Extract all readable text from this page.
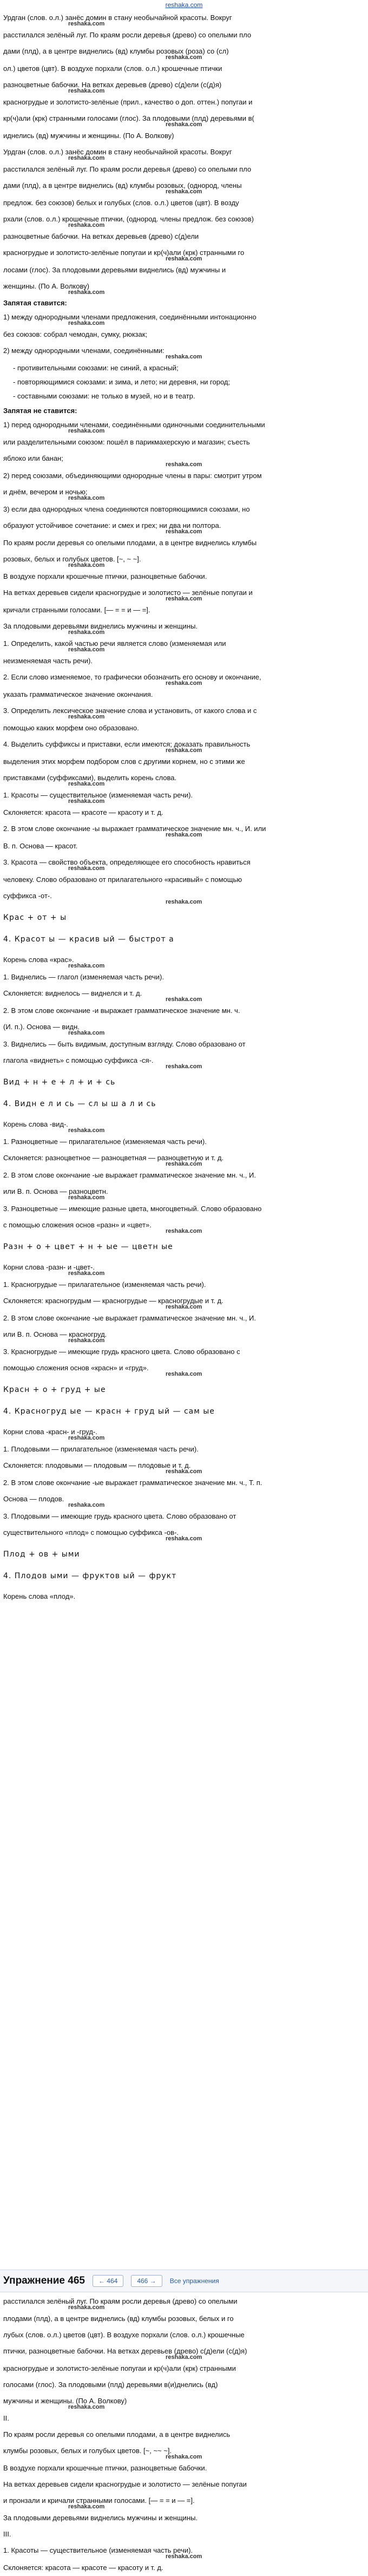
reshaka.com

Урдган (слов. о.л.) занёс домин в стану необычайной красоты. Вокруг

reshaka.com

расстилался зелёный луг. По краям росли деревья (древо) со опелыми пло

дами (плд), а в центре виднелись (вд) клумбы розовых (роза) со (сл)

reshaka.com

ол.) цветов (цвт). В воздухе порхали (слов. о.л.) крошечные птички

разноцветные бабочки. На ветках деревьев (древо) с(д)ели (с(д)я)

reshaka.com

красногрудые и золотисто-зелёные (прил., качество о доп. оттен.) попугаи и

кр(ч)али (крк) странными голосами (глос). За плодовыми (плд) деревьями в(

reshaka.com

иднелись (вд) мужчины и женщины. (По А. Волкову)

Урдган (слов. о.л.) занёс домин в стану необычайной красоты. Вокруг

reshaka.com

расстилался зелёный луг. По краям росли деревья (древо) со опелыми пло

дами (плд), а в центре виднелись (вд) клумбы розовых, (однород, члены

reshaka.com

предлож. без союзов) белых и голубых (слов. о.л.) цветов (цвт). В возду

рхали (слов. о.л.) крошечные птички, (однород. члены предлож. без союзов)

reshaka.com

разноцветные бабочки. На ветках деревьев (древо) с(д)ели

красногрудые и золотисто-зелёные попугаи и кр(ч)али (крк) странными го

reshaka.com

лосами (глос). За плодовыми деревьями виднелись (вд) мужчины и

женщины. (По А. Волкову)

reshaka.com
Запятая ставится:

1) между однородными членами предложения, соединёнными интонационно

reshaka.com

без союзов: собрал чемодан, сумку, рюкзак;

2) между однородными членами, соединёнными:

reshaka.com
- противительными союзами: не синий, а красный;
- повторяющимися союзами: и зима, и лето; ни деревня, ни город;
- составными союзами: не только в музей, но и в театр.
Запятая не ставится:

1) перед однородными членами, соединёнными одиночными соединительными

reshaka.com

или разделительными союзом: пошёл в парикмахерскую и магазин; съесть

яблоко или банан;

reshaka.com

2) перед союзами, объединяющими однородные члены в пары: смотрит утром

и днём, вечером и ночью;

reshaka.com

3) если два однородных члена соединяются повторяющимися союзами, но

образуют устойчивое сочетание: и смех и грех; ни два ни полтора.

reshaka.com

По краям росли деревья со опелыми плодами, а в центре виднелись клумбы

розовых, белых и голубых цветов. [~, ~ ~].

reshaka.com

В воздухе порхали крошечные птички, разноцветные бабочки.

На ветках деревьев сидели красногрудые и золотисто — зелёные попугаи и

reshaka.com

кричали странными голосами. [— = = и — =].

За плодовыми деревьями виднелись мужчины и женщины.

reshaka.com

1. Определить, какой частью речи является слово (изменяемая или

reshaka.com

неизменяемая часть речи).

2. Если слово изменяемое, то графически обозначить его основу и окончание,

reshaka.com

указать грамматическое значение окончания.

3. Определить лексическое значение слова и установить, от какого слова и с

reshaka.com

помощью каких морфем оно образовано.

4. Выделить суффиксы и приставки, если имеются; доказать правильность

reshaka.com

выделения этих морфем подбором слов с другими корнем, но с этими же

приставками (суффиксами), выделить корень слова.

reshaka.com

1. Красоты — существительное (изменяемая часть речи).

reshaka.com

Склоняется: красота — красоте — красоту и т. д.

2. В этом слове окончание -ы выражает грамматическое значение мн. ч., И. или

reshaka.com

В. п. Основа — красот.

3. Красота — свойство объекта, определяющее его способность нравиться

reshaka.com

человеку. Слово образовано от прилагательного «красивый» с помощью

суффикса -от-.

reshaka.com
Крас + от + ы
4. Красот ы — красив ый — быстрот а

Корень слова «крас».

reshaka.com

1. Виднелись — глагол (изменяемая часть речи).

Склоняется: виднелось — виднелся и т. д.

reshaka.com

2. В этом слове окончание -и выражает грамматическое значение мн. ч.

(И. п.). Основа — видн.

reshaka.com

3. Виднелись — быть видимым, доступным взгляду. Слово образовано от

глагола «виднеть» с помощью суффикса -ся-.

reshaka.com
Вид + н + е + л + и + сь
4. Видн е л и сь — сл ы ш а л и сь

Корень слова -вид-.

reshaka.com

1. Разноцветные — прилагательное (изменяемая часть речи).

Склоняется: разноцветное — разноцветная — разноцветную и т. д.

reshaka.com

2. В этом слове окончание -ые выражает грамматическое значение мн. ч., И.

или В. п. Основа — разноцветн.

reshaka.com

3. Разноцветные — имеющие разные цвета, многоцветный. Слово образовано

с помощью сложения основ «разн» и «цвет».

reshaka.com
Разн + о + цвет + н + ые — цветн ые

Корни слова -разн- и -цвет-.

reshaka.com

1. Красногрудые — прилагательное (изменяемая часть речи).

Склоняется: красногрудым — красногрудые — красногрудые и т. д.

reshaka.com

2. В этом слове окончание -ые выражает грамматическое значение мн. ч., И.

или В. п. Основа — красногруд.

reshaka.com

3. Красногрудые — имеющие грудь красного цвета. Слово образовано с

помощью сложения основ «красн» и «груд».

reshaka.com
Красн + о + груд + ые
4. Красногруд ые — красн + груд ый — сам ые

Корни слова -красн- и -груд-.

reshaka.com

1. Плодовыми — прилагательное (изменяемая часть речи).

Склоняется: плодовыми — плодовым — плодовые и т. д.

reshaka.com

2. В этом слове окончание -ые выражает грамматическое значение мн. ч., Т. п.

Основа — плодов.

reshaka.com

3. Плодовыми — имеющие грудь красного цвета. Слово образовано от

существительного «плод» с помощью суффикса -ов-.

reshaka.com
Плод + ов + ыми
4. Плодов ыми — фруктов ый — фрукт

Корень слова «плод».

Упражнение 465	← 464	466 →	Все упражнения

расстилался зелёный луг. По краям росли деревья (древо) со опелыми

reshaka.com

плодами (плд), а в центре виднелись (вд) клумбы розовых, белых и го

лубых (слов. о.л.) цветов (цвт). В воздухе порхали (слов. о.л.) крошечные

птички, разноцветные бабочки. На ветках деревьев (древо) с(д)ели (с(д)я)

reshaka.com

красногрудые и золотисто-зелёные попугаи и кр(ч)али (крк) странными

голосами (глос). За плодовыми (плд) деревьями в(и)днелись (вд)

мужчины и женщины. (По А. Волкову)

reshaka.com

II.

По краям росли деревья со опелыми плодами, а в центре виднелись

клумбы розовых, белых и голубых цветов. [~, ~~ ~].

reshaka.com

В воздухе порхали крошечные птички, разноцветные бабочки.

На ветках деревьев сидели красногрудые и золотисто — зелёные попугаи

и пронзали и кричали странными голосами. [— = = и — =].

reshaka.com

За плодовыми деревьями виднелись мужчины и женщины.

III.

1. Красоты — существительное (изменяемая часть речи).

reshaka.com

Склоняется: красота — красоте — красоту и т. д.
